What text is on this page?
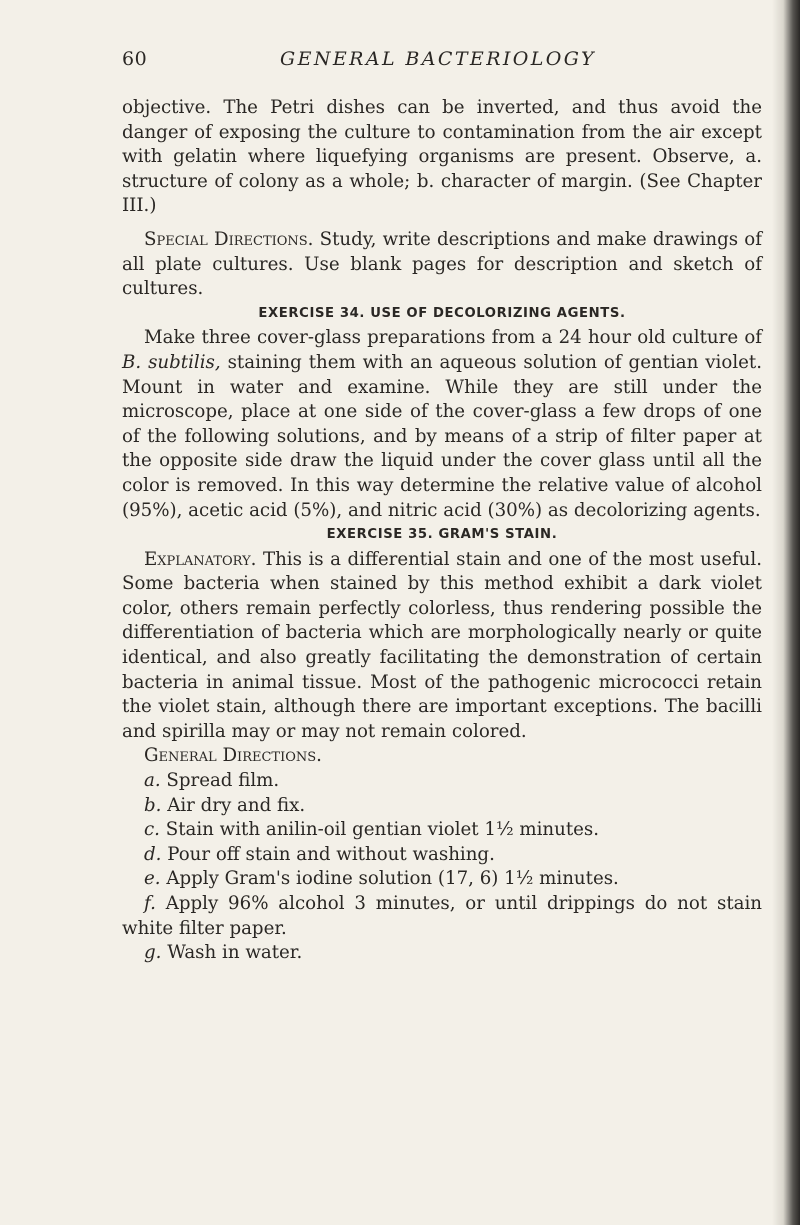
60	GENERAL BACTERIOLOGY

objective. The Petri dishes can be inverted, and thus avoid the danger of exposing the culture to contamination from the air except with gelatin where liquefying organisms are present. Observe, a. structure of colony as a whole; b. character of margin. (See Chapter III.)

Special Directions. Study, write descriptions and make drawings of all plate cultures. Use blank pages for description and sketch of cultures.

EXERCISE 34. USE OF DECOLORIZING AGENTS.

Make three cover-glass preparations from a 24 hour old culture of B. subtilis, staining them with an aqueous solution of gentian violet. Mount in water and examine. While they are still under the microscope, place at one side of the cover-glass a few drops of one of the following solutions, and by means of a strip of filter paper at the opposite side draw the liquid under the cover glass until all the color is removed. In this way determine the relative value of alcohol (95%), acetic acid (5%), and nitric acid (30%) as decolorizing agents.

EXERCISE 35. GRAM'S STAIN.

Explanatory. This is a differential stain and one of the most useful. Some bacteria when stained by this method exhibit a dark violet color, others remain perfectly colorless, thus rendering possible the differentiation of bacteria which are morphologically nearly or quite identical, and also greatly facilitating the demonstration of certain bacteria in animal tissue. Most of the pathogenic micrococci retain the violet stain, although there are important exceptions. The bacilli and spirilla may or may not remain colored.

General Directions.

a. Spread film.

b. Air dry and fix.

c. Stain with anilin-oil gentian violet 1½ minutes.

d. Pour off stain and without washing.

e. Apply Gram's iodine solution (17, 6) 1½ minutes.

f. Apply 96% alcohol 3 minutes, or until drippings do not stain white filter paper.

g. Wash in water.
